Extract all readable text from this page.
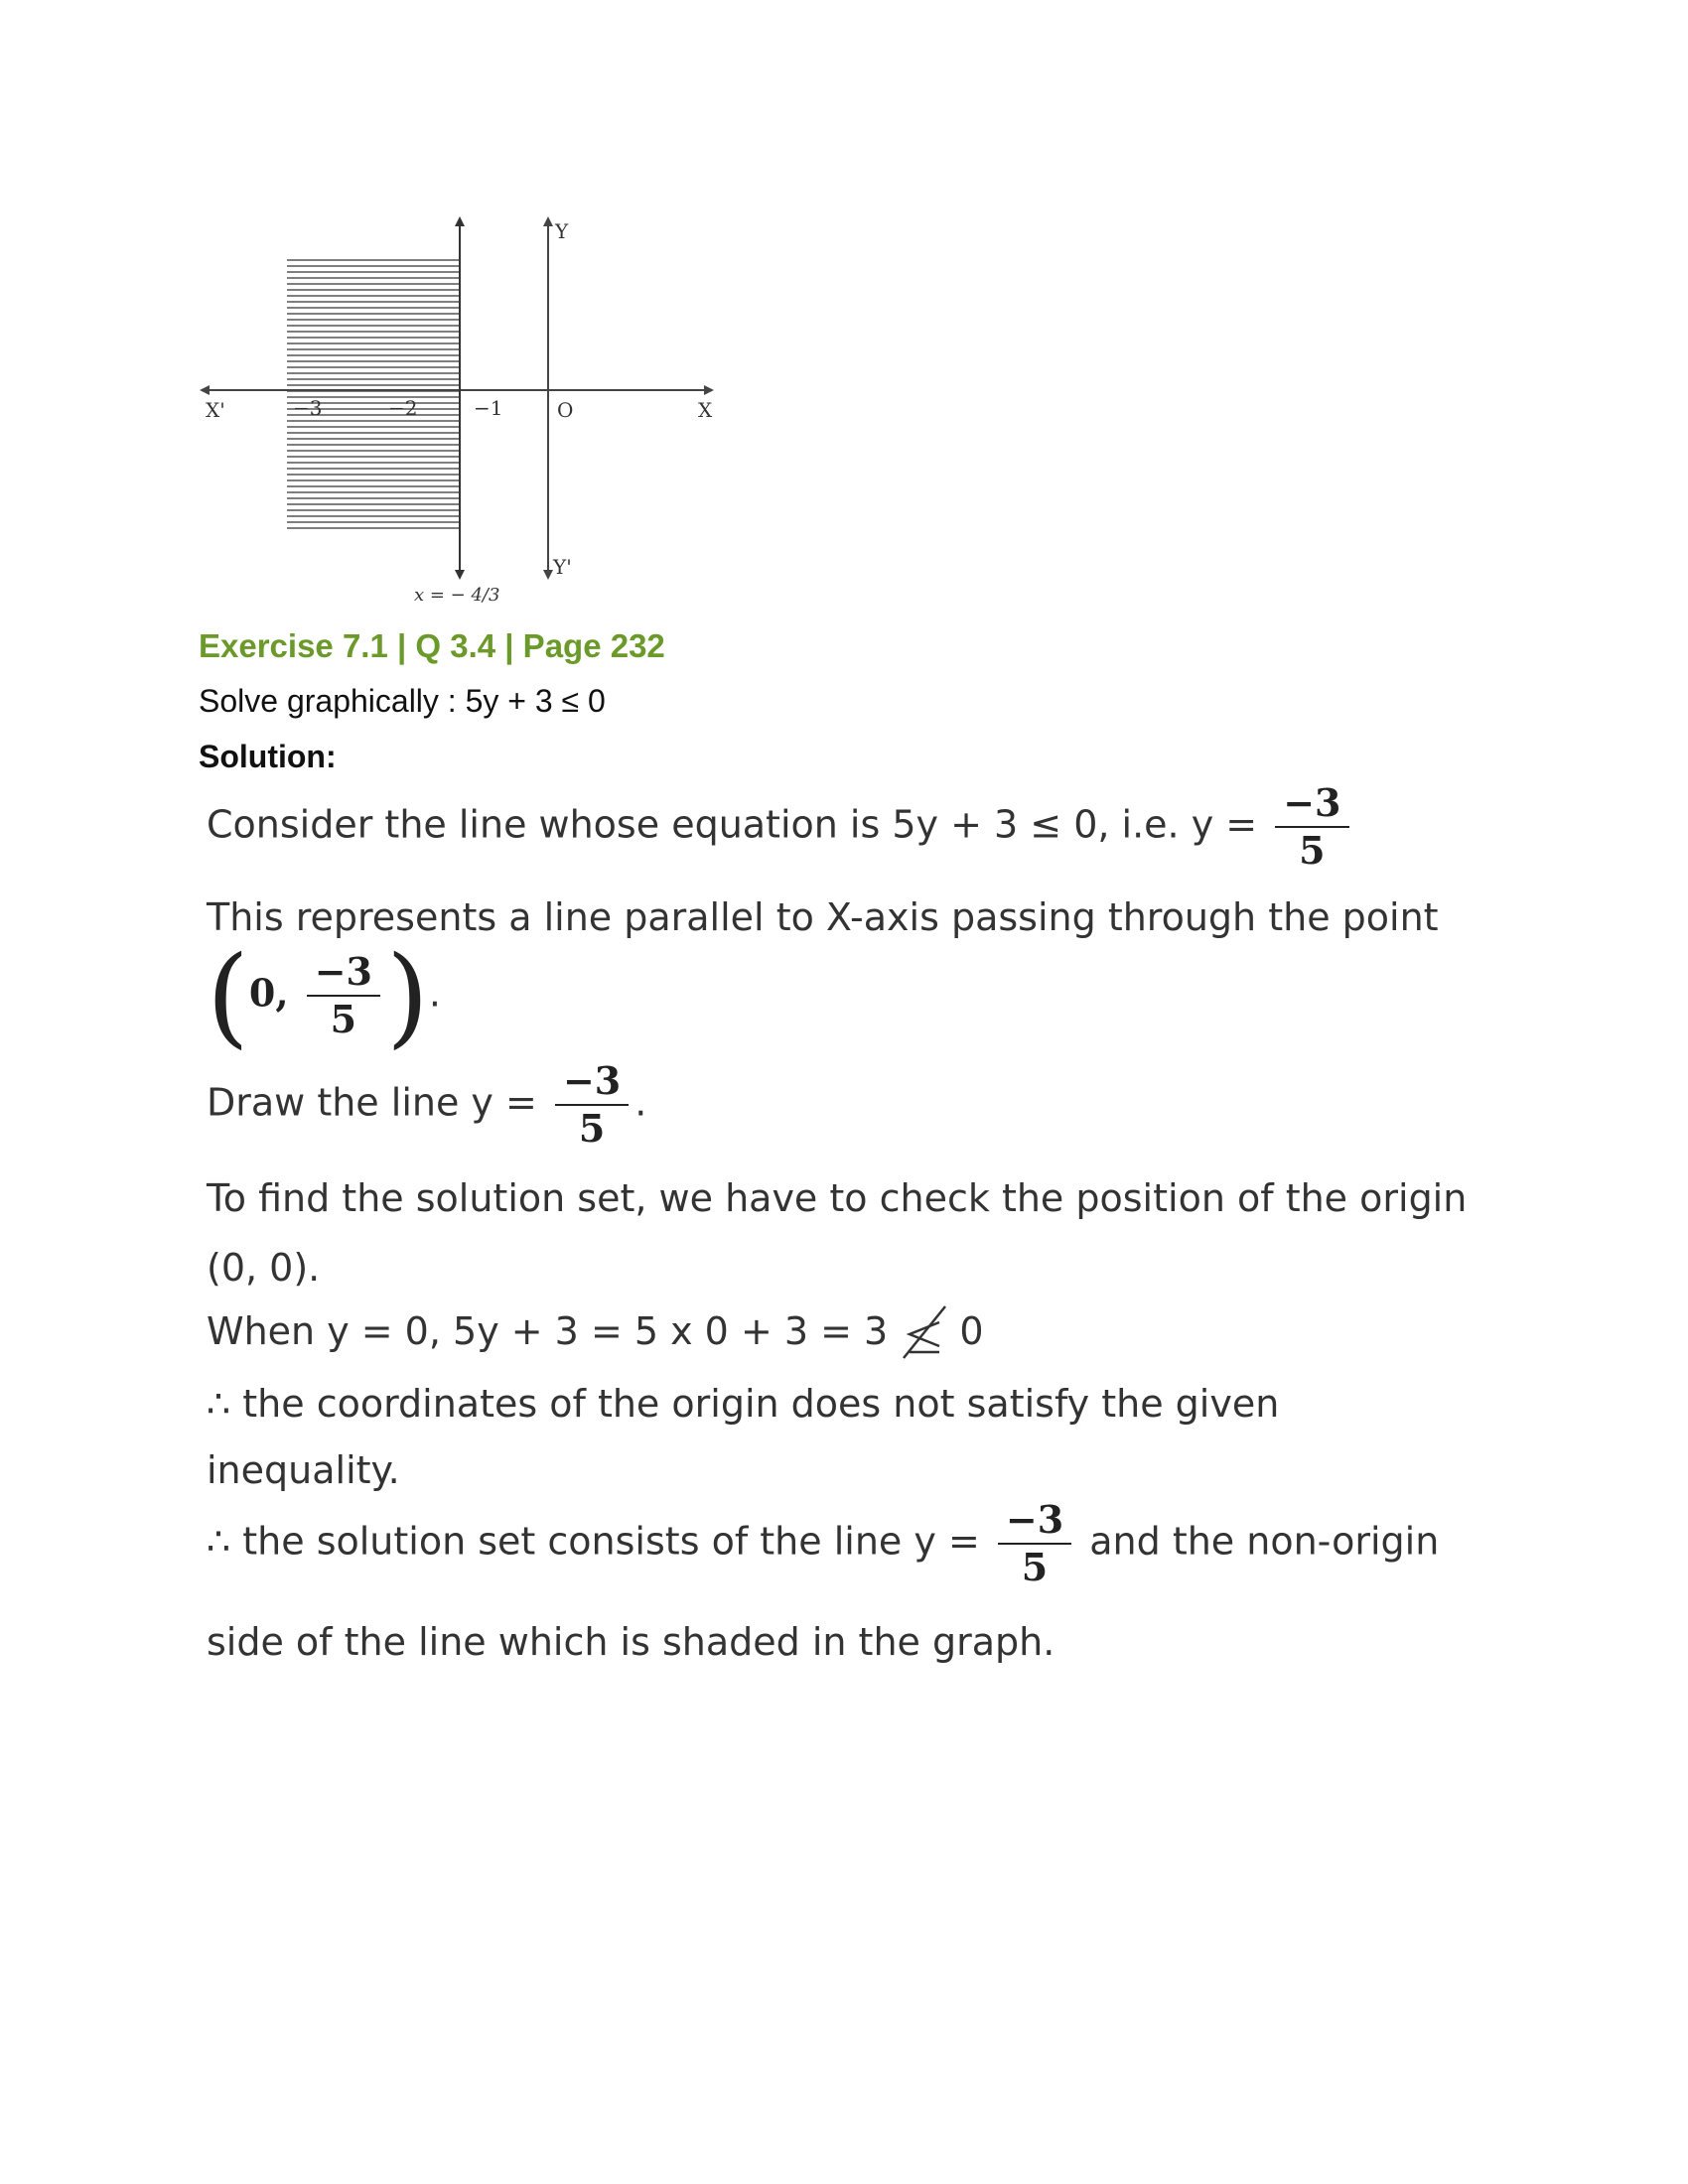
X'	X
Y
Y'
O
−3	−2	−1
x = − 4/3
Exercise 7.1 | Q 3.4 | Page 232
Solve graphically : 5y + 3 ≤ 0
Solution:
Consider the line whose equation is 5y + 3 ≤ 0, i.e. $y = \frac{-3}{5}$
This represents a line parallel to X-axis passing through the point
(0, $\frac{-3}{5}$ ).
Draw the line $y = \frac{-3}{5}$ .
To find the solution set, we have to check the position of the origin
(0, 0).
When y = 0, 5y + 3 = 5 x 0 + 3 = 3 0
∴ the coordinates of the origin does not satisfy the given
inequality.
∴ the solution set consists of the line $y = \frac{-3}{5}$ and the non-origin
side of the line which is shaded in the graph.
